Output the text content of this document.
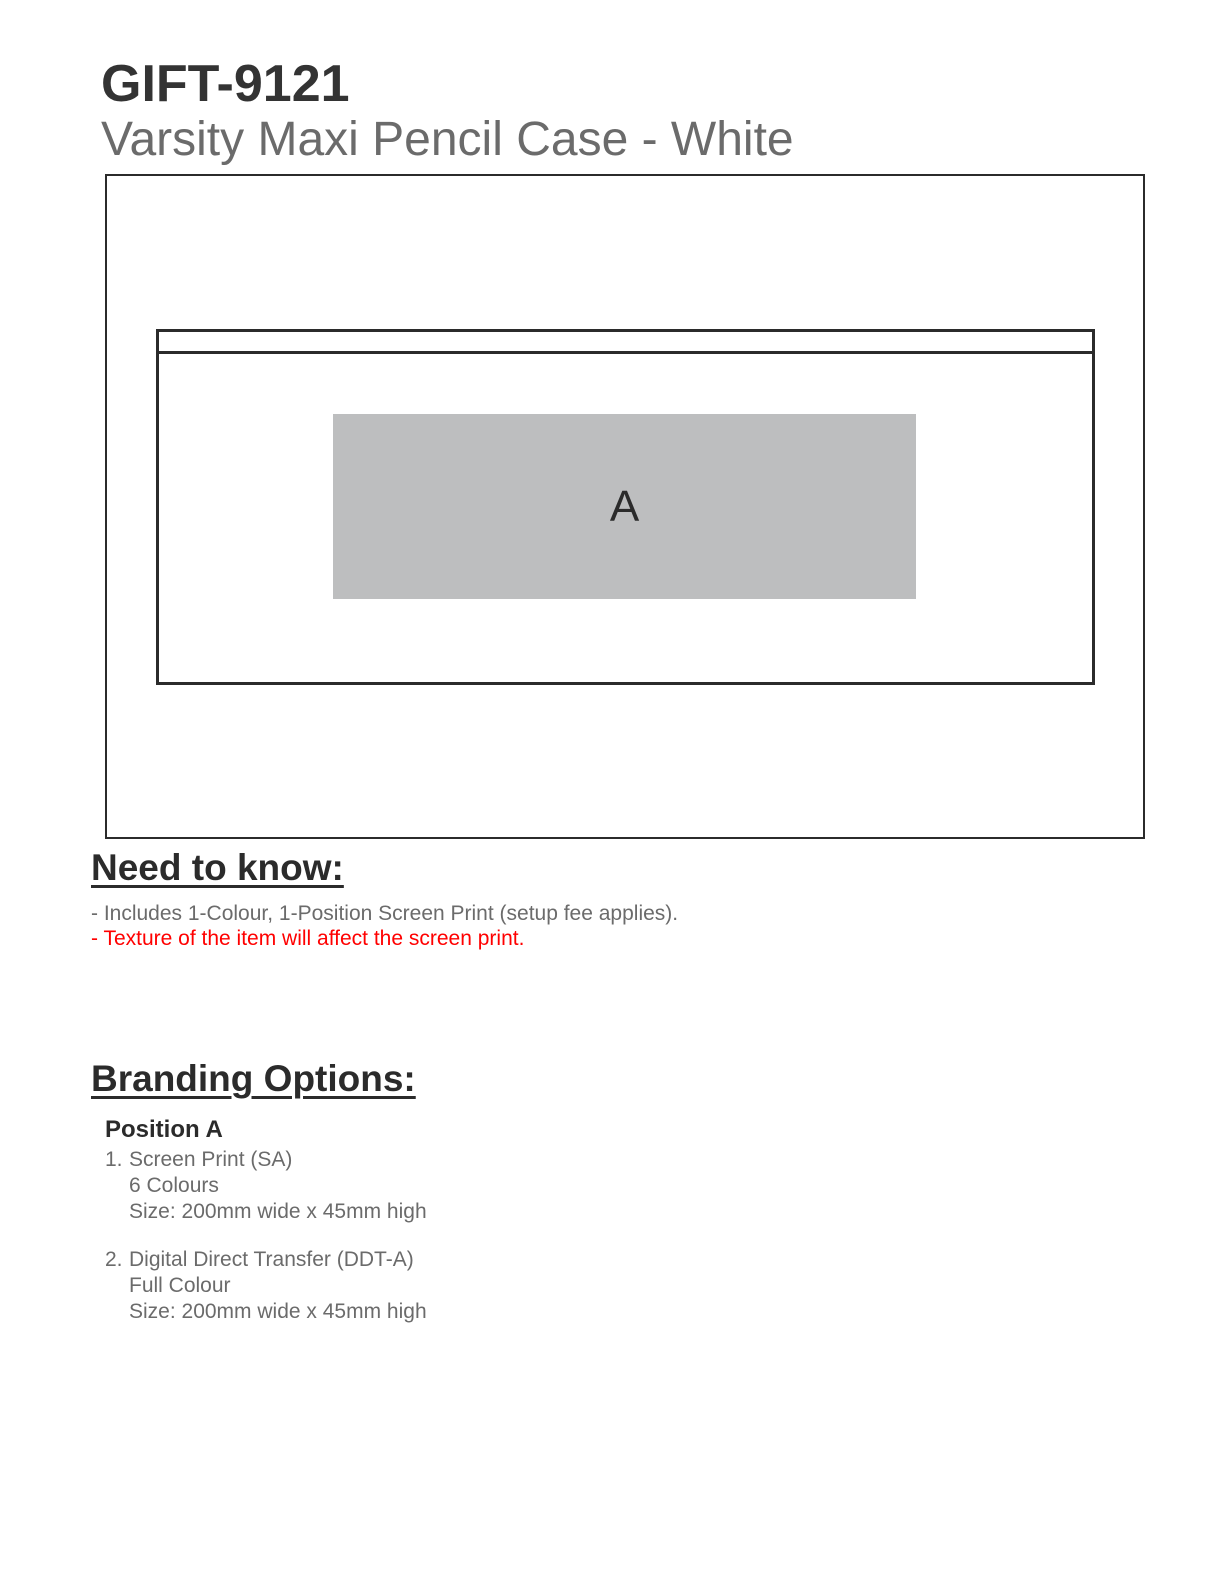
GIFT-9121
Varsity Maxi Pencil Case - White
A
Need to know:
- Includes 1-Colour, 1-Position Screen Print (setup fee applies).
- Texture of the item will affect the screen print.
Branding Options:
Position A
1. Screen Print (SA)
6 Colours
Size: 200mm wide x 45mm high
2. Digital Direct Transfer (DDT-A)
Full Colour
Size: 200mm wide x 45mm high
